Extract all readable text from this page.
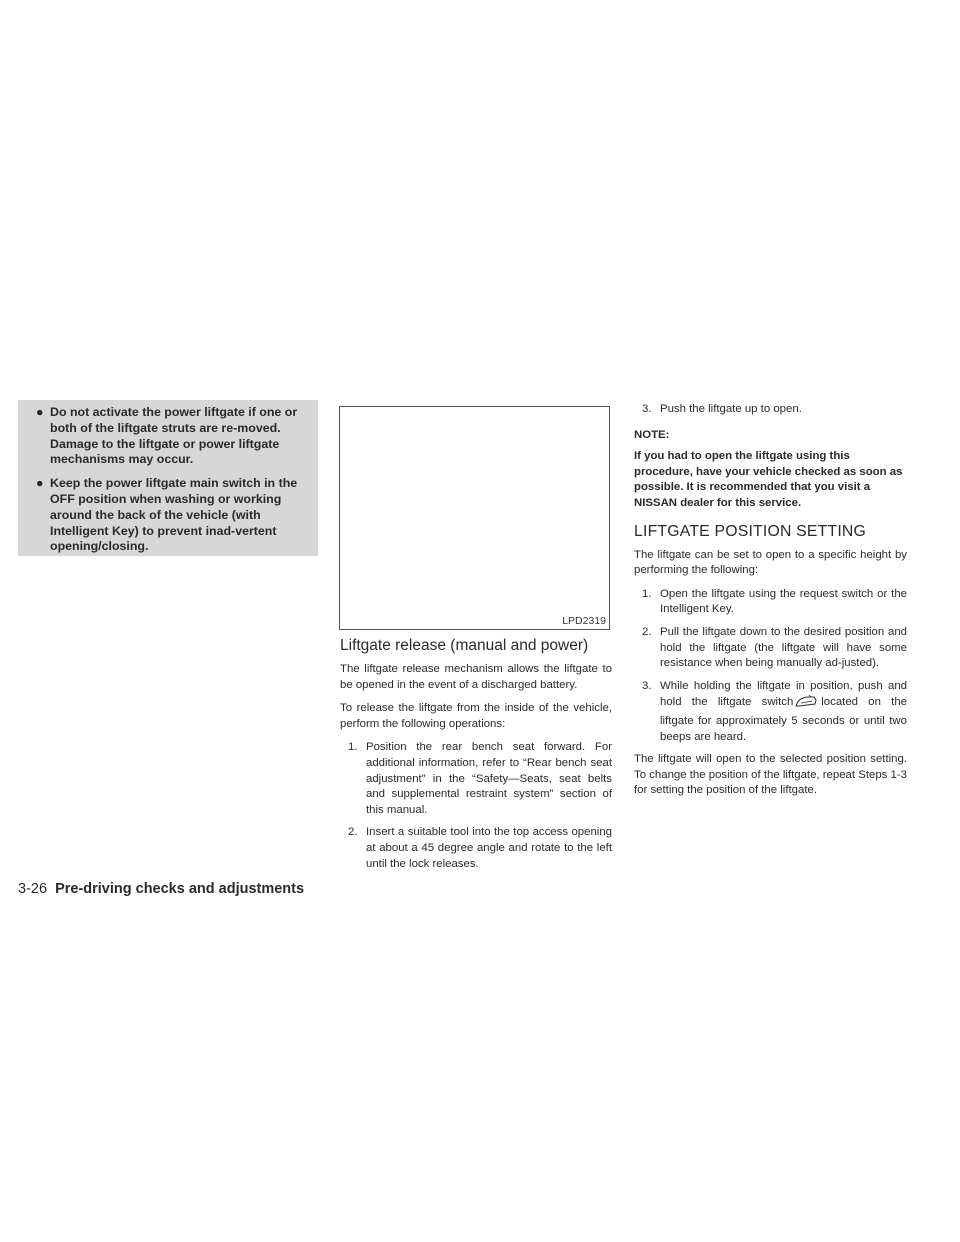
● Do not activate the power liftgate if one or both of the liftgate struts are re-moved. Damage to the liftgate or power liftgate mechanisms may occur.
● Keep the power liftgate main switch in the OFF position when washing or working around the back of the vehicle (with Intelligent Key) to prevent inad-vertent opening/closing.
LPD2319
Liftgate release (manual and power)

The liftgate release mechanism allows the liftgate to be opened in the event of a discharged battery.

To release the liftgate from the inside of the vehicle, perform the following operations:

1. Position the rear bench seat forward. For additional information, refer to “Rear bench seat adjustment” in the “Safety—Seats, seat belts and supplemental restraint system” section of this manual.
2. Insert a suitable tool into the top access opening at about a 45 degree angle and rotate to the left until the lock releases.
3. Push the liftgate up to open.
NOTE:

If you had to open the liftgate using this procedure, have your vehicle checked as soon as possible. It is recommended that you visit a NISSAN dealer for this service.

LIFTGATE POSITION SETTING

The liftgate can be set to open to a specific height by performing the following:

1. Open the liftgate using the request switch or the Intelligent Key.
2. Pull the liftgate down to the desired position and hold the liftgate (the liftgate will have some resistance when being manually ad-justed).
3. While holding the liftgate in position, push and hold the liftgate switch located on the liftgate for approximately 5 seconds or until two beeps are heard.

The liftgate will open to the selected position setting. To change the position of the liftgate, repeat Steps 1-3 for setting the position of the liftgate.

3-26 Pre-driving checks and adjustments
